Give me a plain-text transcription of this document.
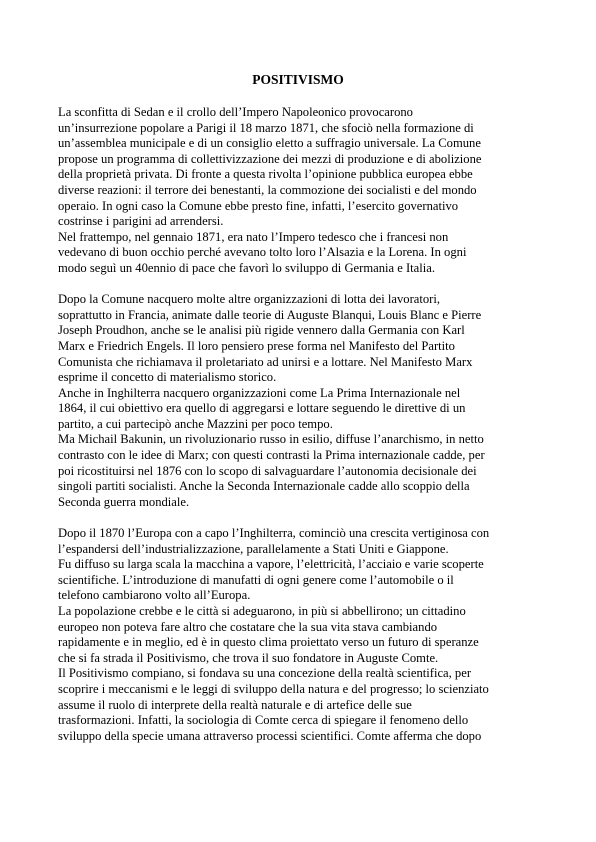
POSITIVISMO

La sconfitta di Sedan e il crollo dell’Impero Napoleonico provocarono
un’insurrezione popolare a Parigi il 18 marzo 1871, che sfociò nella formazione di
un’assemblea municipale e di un consiglio eletto a suffragio universale. La Comune
propose un programma di collettivizzazione dei mezzi di produzione e di abolizione
della proprietà privata. Di fronte a questa rivolta l’opinione pubblica europea ebbe
diverse reazioni: il terrore dei benestanti, la commozione dei socialisti e del mondo
operaio. In ogni caso la Comune ebbe presto fine, infatti, l’esercito governativo
costrinse i parigini ad arrendersi.

Nel frattempo, nel gennaio 1871, era nato l’Impero tedesco che i francesi non
vedevano di buon occhio perché avevano tolto loro l’Alsazia e la Lorena. In ogni
modo seguì un 40ennio di pace che favorì lo sviluppo di Germania e Italia.

Dopo la Comune nacquero molte altre organizzazioni di lotta dei lavoratori,
soprattutto in Francia, animate dalle teorie di Auguste Blanqui, Louis Blanc e Pierre
Joseph Proudhon, anche se le analisi più rigide vennero dalla Germania con Karl
Marx e Friedrich Engels. Il loro pensiero prese forma nel Manifesto del Partito
Comunista che richiamava il proletariato ad unirsi e a lottare. Nel Manifesto Marx
esprime il concetto di materialismo storico.

Anche in Inghilterra nacquero organizzazioni come La Prima Internazionale nel
1864, il cui obiettivo era quello di aggregarsi e lottare seguendo le direttive di un
partito, a cui partecipò anche Mazzini per poco tempo.

Ma Michail Bakunin, un rivoluzionario russo in esilio, diffuse l’anarchismo, in netto
contrasto con le idee di Marx; con questi contrasti la Prima internazionale cadde, per
poi ricostituirsi nel 1876 con lo scopo di salvaguardare l’autonomia decisionale dei
singoli partiti socialisti. Anche la Seconda Internazionale cadde allo scoppio della
Seconda guerra mondiale.

Dopo il 1870 l’Europa con a capo l’Inghilterra, cominciò una crescita vertiginosa con
l’espandersi dell’industrializzazione, parallelamente a Stati Uniti e Giappone.

Fu diffuso su larga scala la macchina a vapore, l’elettricità, l’acciaio e varie scoperte
scientifiche. L’introduzione di manufatti di ogni genere come l’automobile o il
telefono cambiarono volto all’Europa.

La popolazione crebbe e le città si adeguarono, in più si abbellirono; un cittadino
europeo non poteva fare altro che costatare che la sua vita stava cambiando
rapidamente e in meglio, ed è in questo clima proiettato verso un futuro di speranze
che si fa strada il Positivismo, che trova il suo fondatore in Auguste Comte.

Il Positivismo compiano, si fondava su una concezione della realtà scientifica, per
scoprire i meccanismi e le leggi di sviluppo della natura e del progresso; lo scienziato
assume il ruolo di interprete della realtà naturale e di artefice delle sue
trasformazioni. Infatti, la sociologia di Comte cerca di spiegare il fenomeno dello
sviluppo della specie umana attraverso processi scientifici. Comte afferma che dopo
